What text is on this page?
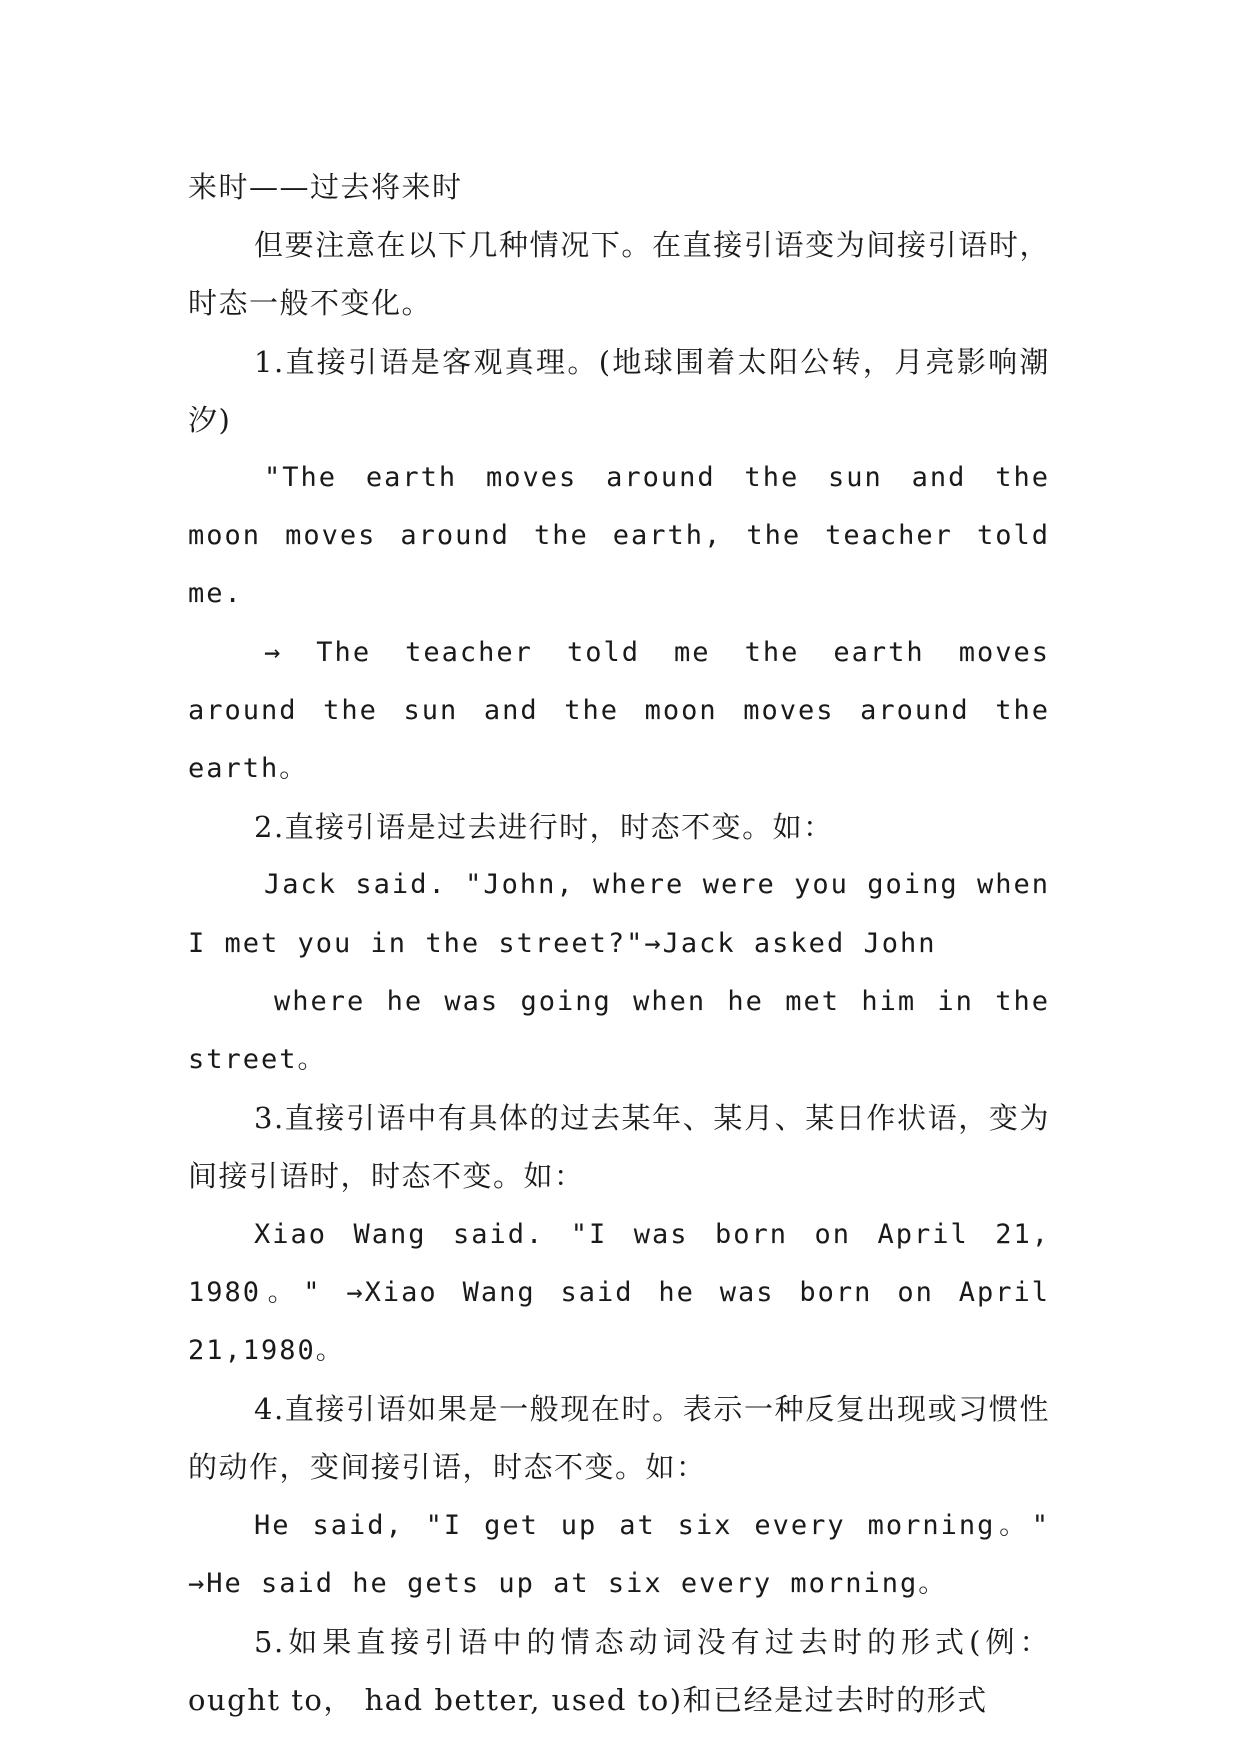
来时——过去将来时

但要注意在以下几种情况下。在直接引语变为间接引语时，时态一般不变化。

1.直接引语是客观真理。(地球围着太阳公转，月亮影响潮汐)

"The earth moves around the sun and the moon moves around the earth, the teacher told me.

→ The teacher told me the earth moves around the sun and the moon moves around the earth。

2.直接引语是过去进行时，时态不变。如：

Jack said. "John, where were you going when I met you in the street?"→Jack asked John

where he was going when he met him in the street。

3.直接引语中有具体的过去某年、某月、某日作状语，变为间接引语时，时态不变。如：

Xiao Wang said. "I was born on April 21, 1980。" →Xiao Wang said he was born on April 21,1980。

4.直接引语如果是一般现在时。表示一种反复出现或习惯性的动作，变间接引语，时态不变。如：

He said, "I get up at six every morning。" →He said he gets up at six every morning。

5.如果直接引语中的情态动词没有过去时的形式(例：ought to， had better, used to)和已经是过去时的形式
